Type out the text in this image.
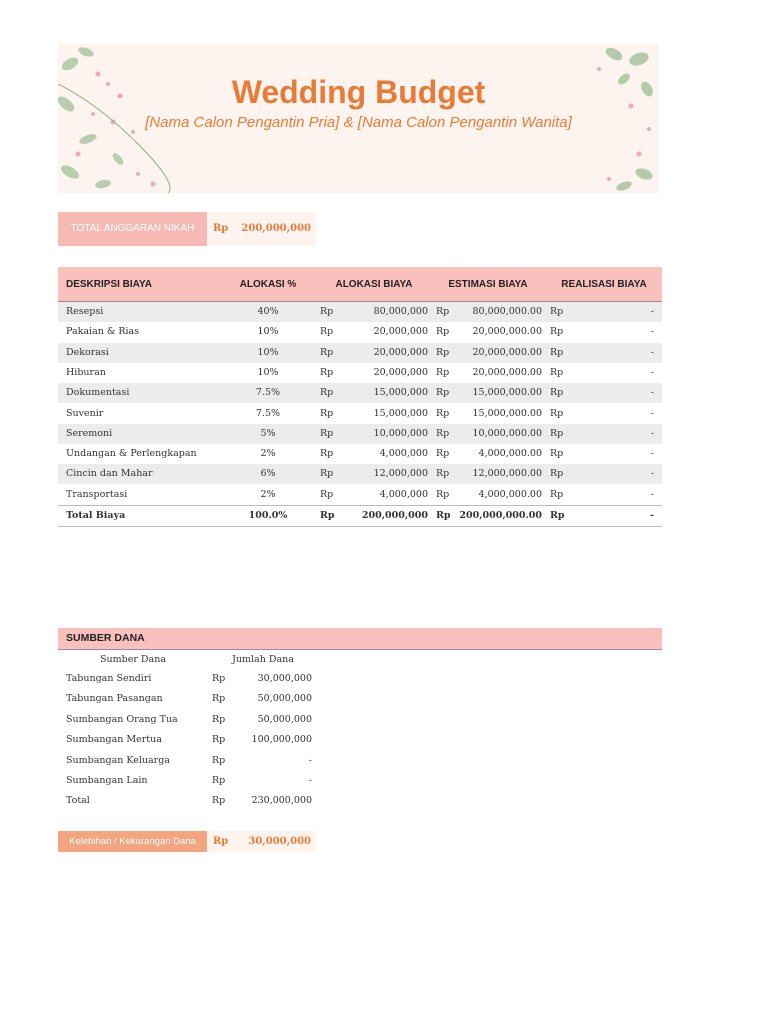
Wedding Budget
[Nama Calon Pengantin Pria] & [Nama Calon Pengantin Wanita]
TOTAL ANGGARAN NIKAH	Rp 200,000,000
DESKRIPSI BIAYA	ALOKASI %	ALOKASI BIAYA	ESTIMASI BIAYA	REALISASI BIAYA
Resepsi	40%	Rp	80,000,000 Rp	80,000,000.00 Rp	-
Pakaian & Rias	10%	Rp	20,000,000 Rp	20,000,000.00 Rp	-
Dekorasi	10%	Rp	20,000,000 Rp	20,000,000.00 Rp	-
Hiburan	10%	Rp	20,000,000 Rp	20,000,000.00 Rp	-
Dokumentasi	7.5%	Rp	15,000,000 Rp	15,000,000.00 Rp	-
Suvenir	7.5%	Rp	15,000,000 Rp	15,000,000.00 Rp	-
Seremoni	5%	Rp	10,000,000 Rp	10,000,000.00 Rp	-
Undangan & Perlengkapan	2%	Rp	4,000,000 Rp	4,000,000.00 Rp	-
Cincin dan Mahar	6%	Rp	12,000,000 Rp	12,000,000.00 Rp	-
Transportasi	2%	Rp	4,000,000 Rp	4,000,000.00 Rp	-
Total Biaya	100.0%	Rp	200,000,000 Rp 200,000,000.00 Rp	-
SUMBER DANA
Sumber Dana	Jumlah Dana
Tabungan Sendiri	Rp	30,000,000
Tabungan Pasangan	Rp	50,000,000
Sumbangan Orang Tua	Rp	50,000,000
Sumbangan Mertua	Rp	100,000,000
Sumbangan Keluarga	Rp	-
Sumbangan Lain	Rp	-
Total	Rp	230,000,000
Kelebihan / Kekurangan Dana	Rp 30,000,000
